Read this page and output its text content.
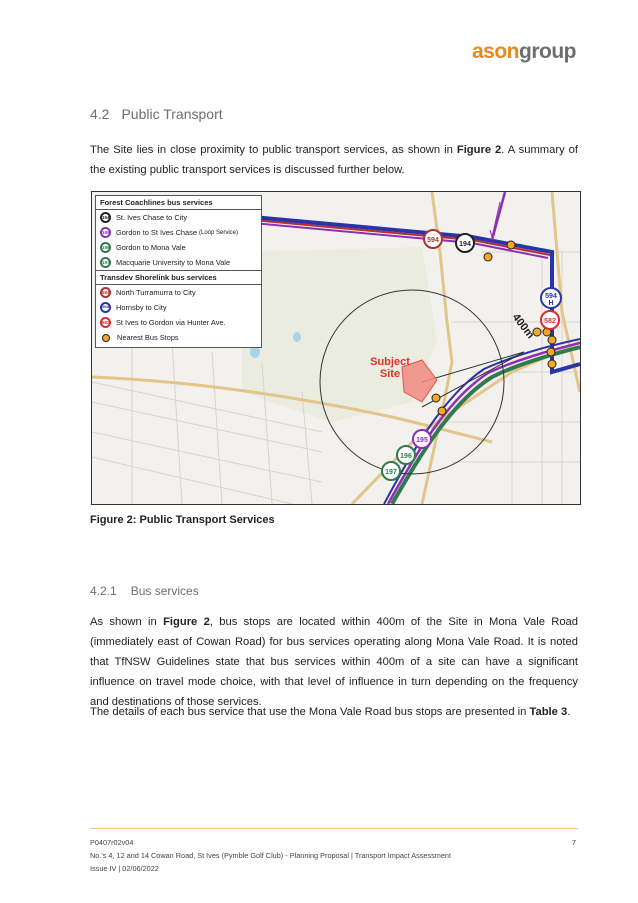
asongroup
4.2 Public Transport
The Site lies in close proximity to public transport services, as shown in Figure 2. A summary of the existing public transport services is discussed further below.
594
194
594
H
582
195
196
197
400m
Subject
Site
Forest Coachlines bus services
194 St. Ives Chase to City
195 Gordon to St Ives Chase
(Loop Service)
196 Gordon to Mona Vale
197 Macquarie University to Mona Vale
Transdev Shorelink bus services
594 North Turramurra to City
594H Hornsby to City
582 St Ives to Gordon via Hunter Ave.
Nearest Bus Stops
Figure 2: Public Transport Services
4.2.1 Bus services
As shown in Figure 2, bus stops are located within 400m of the Site in Mona Vale Road (immediately east of Cowan Road) for bus services operating along Mona Vale Road. It is noted that TfNSW Guidelines state that bus services within 400m of a site can have a significant influence on travel mode choice, with that level of influence in turn depending on the frequency and destinations of those services.
The details of each bus service that use the Mona Vale Road bus stops are presented in Table 3.
P0407r02v04	7
No.'s 4, 12 and 14 Cowan Road, St Ives (Pymble Golf Club) - Planning Proposal | Transport Impact Assessment
Issue IV | 02/06/2022
